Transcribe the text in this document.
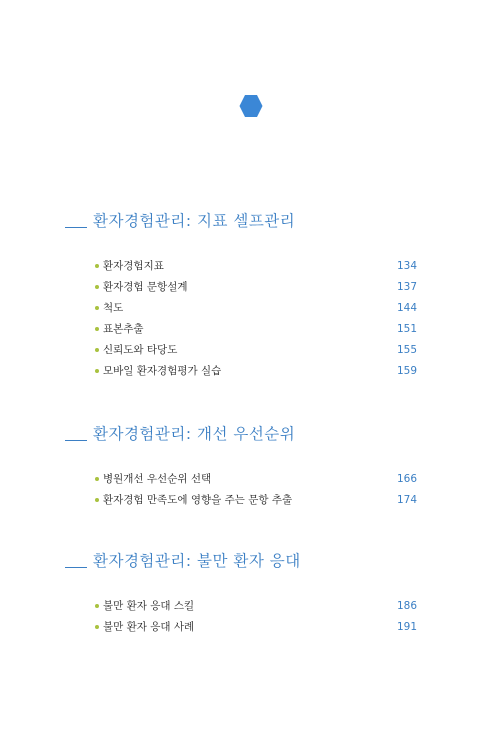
환자경험관리: 지표 셀프관리
환자경험지표	134
환자경험 문항설계	137
척도	144
표본추출	151
신뢰도와 타당도	155
모바일 환자경험평가 실습	159
환자경험관리: 개선 우선순위
병원개선 우선순위 선택	166
환자경험 만족도에 영향을 주는 문항 추출	174
환자경험관리: 불만 환자 응대
불만 환자 응대 스킬	186
불만 환자 응대 사례	191
